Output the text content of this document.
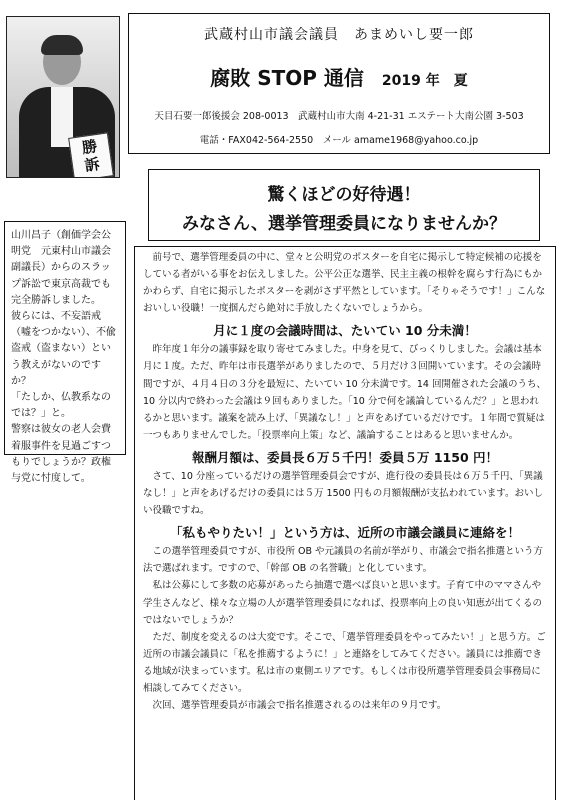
勝
訴
武蔵村山市議会議員　あまめいし要一郎
腐敗 STOP 通信 2019 年　夏
天目石要一郎後援会 208-0013　武蔵村山市大南 4-21-31 エステート大南公園 3-503
電話・FAX042-564-2550　メール amame1968@yahoo.co.jp
驚くほどの好待遇！
みなさん、選挙管理委員になりませんか？

山川昌子（創価学会公明党　元東村山市議会副議長）からのスラップ訴訟で東京高裁でも完全勝訴しました。

彼らには、不妄語戒（嘘をつかない）、不偸盗戒（盗まない）という教えがないのですか？

「たしか、仏教系なのでは？」と。

警察は彼女の老人会費着服事件を見過ごすつもりでしょうか？政権与党に忖度して。

前号で、選挙管理委員の中に、堂々と公明党のポスターを自宅に掲示して特定候補の応援をしている者がいる事をお伝えしました。公平公正な選挙、民主主義の根幹を腐らす行為にもかかわらず、自宅に掲示したポスターを剥がさず平然としています。「そりゃそうです！」こんなおいしい役職！一度掴んだら絶対に手放したくないでしょうから。

月に１度の会議時間は、たいてい 10 分未満！

昨年度１年分の議事録を取り寄せてみました。中身を見て、びっくりしました。会議は基本月に１度。ただ、昨年は市長選挙がありましたので、５月だけ３回開いています。その会議時間ですが、４月４日の３分を最短に、たいてい 10 分未満です。14 回開催された会議のうち、10 分以内で終わった会議は９回もありました。「10 分で何を議論しているんだ？」と思われるかと思います。議案を読み上げ、「異議なし！」と声をあげているだけです。１年間で質疑は一つもありませんでした。「投票率向上策」など、議論することはあると思いませんか。

報酬月額は、委員長６万５千円！委員５万 1150 円！

さて、10 分座っているだけの選挙管理委員会ですが、進行役の委員長は６万５千円、「異議なし！」と声をあげるだけの委員には５万 1500 円もの月額報酬が支払われています。おいしい役職ですね。

「私もやりたい！」という方は、近所の市議会議員に連絡を！

この選挙管理委員ですが、市役所 OB や元議員の名前が挙がり、市議会で指名推選という方法で選ばれます。ですので、「幹部 OB の名誉職」と化しています。

私は公募にして多数の応募があったら抽選で選べば良いと思います。子育て中のママさんや学生さんなど、様々な立場の人が選挙管理委員になれば、投票率向上の良い知恵が出てくるのではないでしょうか？

ただ、制度を変えるのは大変です。そこで、「選挙管理委員をやってみたい！」と思う方。ご近所の市議会議員に「私を推薦するように！」と連絡をしてみてください。議員には推薦できる地域が決まっています。私は市の東側エリアです。もしくは市役所選挙管理委員会事務局に相談してみてください。

次回、選挙管理委員が市議会で指名推選されるのは来年の９月です。
